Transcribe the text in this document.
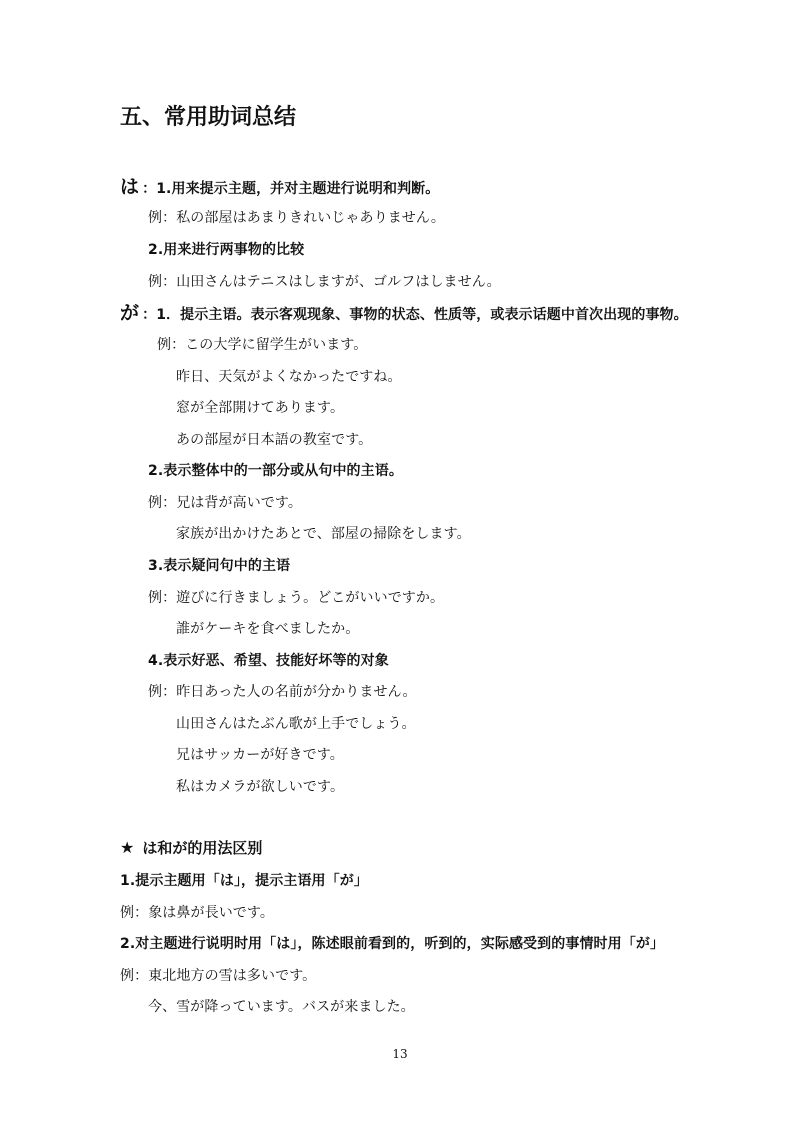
五、常用助词总结
は ：1.用来提示主题，并对主题进行说明和判断。
例：私の部屋はあまりきれいじゃありません。
2.用来进行两事物的比较
例：山田さんはテニスはしますが、ゴルフはしません。
が ：1．提示主语。表示客观现象、事物的状态、性质等，或表示话题中首次出现的事物。
例：この大学に留学生がいます。
昨日、天気がよくなかったですね。
窓が全部開けてあります。
あの部屋が日本語の教室です。
2.表示整体中的一部分或从句中的主语。
例：兄は背が高いです。
家族が出かけたあとで、部屋の掃除をします。
3.表示疑问句中的主语
例：遊びに行きましょう。どこがいいですか。
誰がケーキを食べましたか。
4.表示好恶、希望、技能好坏等的对象
例：昨日あった人の名前が分かりません。
山田さんはたぶん歌が上手でしょう。
兄はサッカーが好きです。
私はカメラが欲しいです。
★ は和が的用法区别
1.提示主题用「は」，提示主语用「が」
例：象は鼻が長いです。
2.对主题进行说明时用「は」，陈述眼前看到的，听到的，实际感受到的事情时用「が」
例：東北地方の雪は多いです。
今、雪が降っています。バスが来ました。
13
